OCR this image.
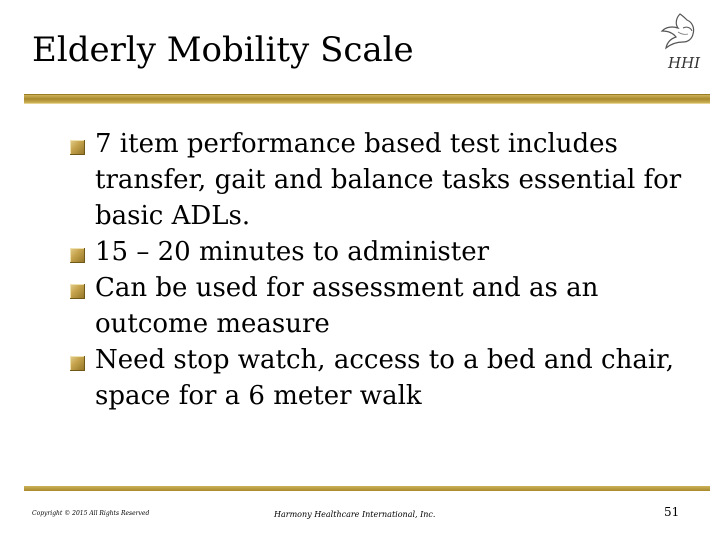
Elderly Mobility Scale	HHI
7 item performance based test includes transfer, gait and balance tasks essential for basic ADLs.
15 – 20 minutes to administer
Can be used for assessment and as an outcome measure
Need stop watch, access to a bed and chair, space for a 6 meter walk
Copyright © 2015 All Rights Reserved	Harmony Healthcare International, Inc.	51
